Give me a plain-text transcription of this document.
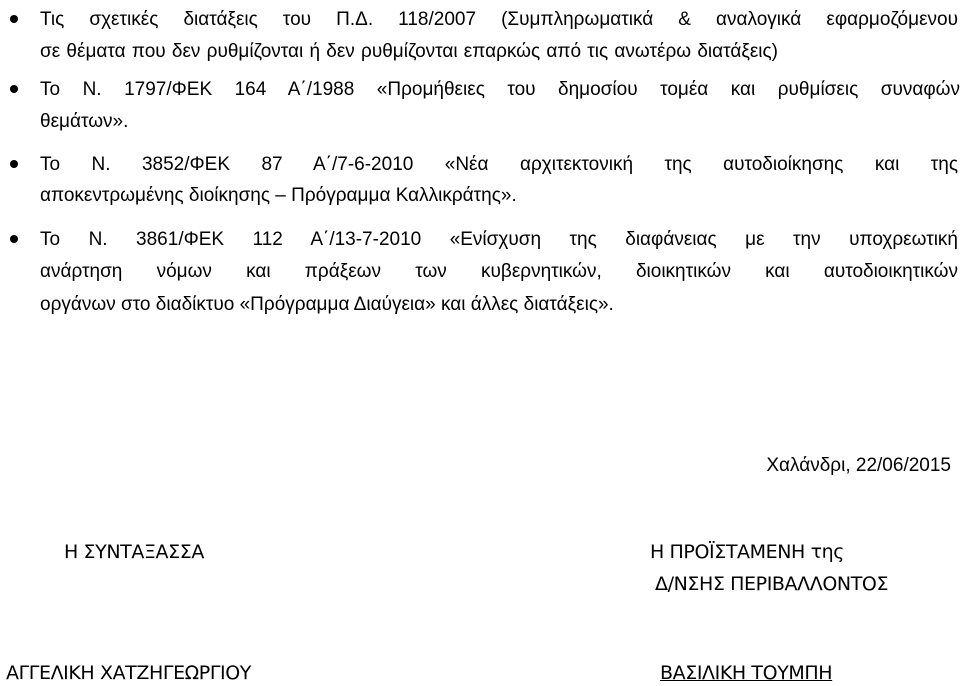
Τις σχετικές διατάξεις του Π.Δ. 118/2007 (Συμπληρωματικά & αναλογικά εφαρμοζόμενου
σε θέματα που δεν ρυθμίζονται ή δεν ρυθμίζονται επαρκώς από τις ανωτέρω διατάξεις)
Το Ν. 1797/ΦΕΚ 164 Α΄/1988 «Προμήθειες του δημοσίου τομέα και ρυθμίσεις συναφών
θεμάτων».
Το Ν. 3852/ΦΕΚ 87 Α΄/7-6-2010 «Νέα αρχιτεκτονική της αυτοδιοίκησης και της
αποκεντρωμένης διοίκησης – Πρόγραμμα Καλλικράτης».
Το Ν. 3861/ΦΕΚ 112 Α΄/13-7-2010 «Ενίσχυση της διαφάνειας με την υποχρεωτική
ανάρτηση νόμων και πράξεων των κυβερνητικών, διοικητικών και αυτοδιοικητικών
οργάνων στο διαδίκτυο «Πρόγραμμα Διαύγεια» και άλλες διατάξεις».
Χαλάνδρι, 22/06/2015
Η ΣΥΝΤΑΞΑΣΣΑ	Η ΠΡΟΪΣΤΑΜΕΝΗ της
Δ/ΝΣΗΣ ΠΕΡΙΒΑΛΛΟΝΤΟΣ
ΑΓΓΕΛΙΚΗ ΧΑΤΖΗΓΕΩΡΓΙΟΥ	ΒΑΣΙΛΙΚΗ ΤΟΥΜΠΗ
